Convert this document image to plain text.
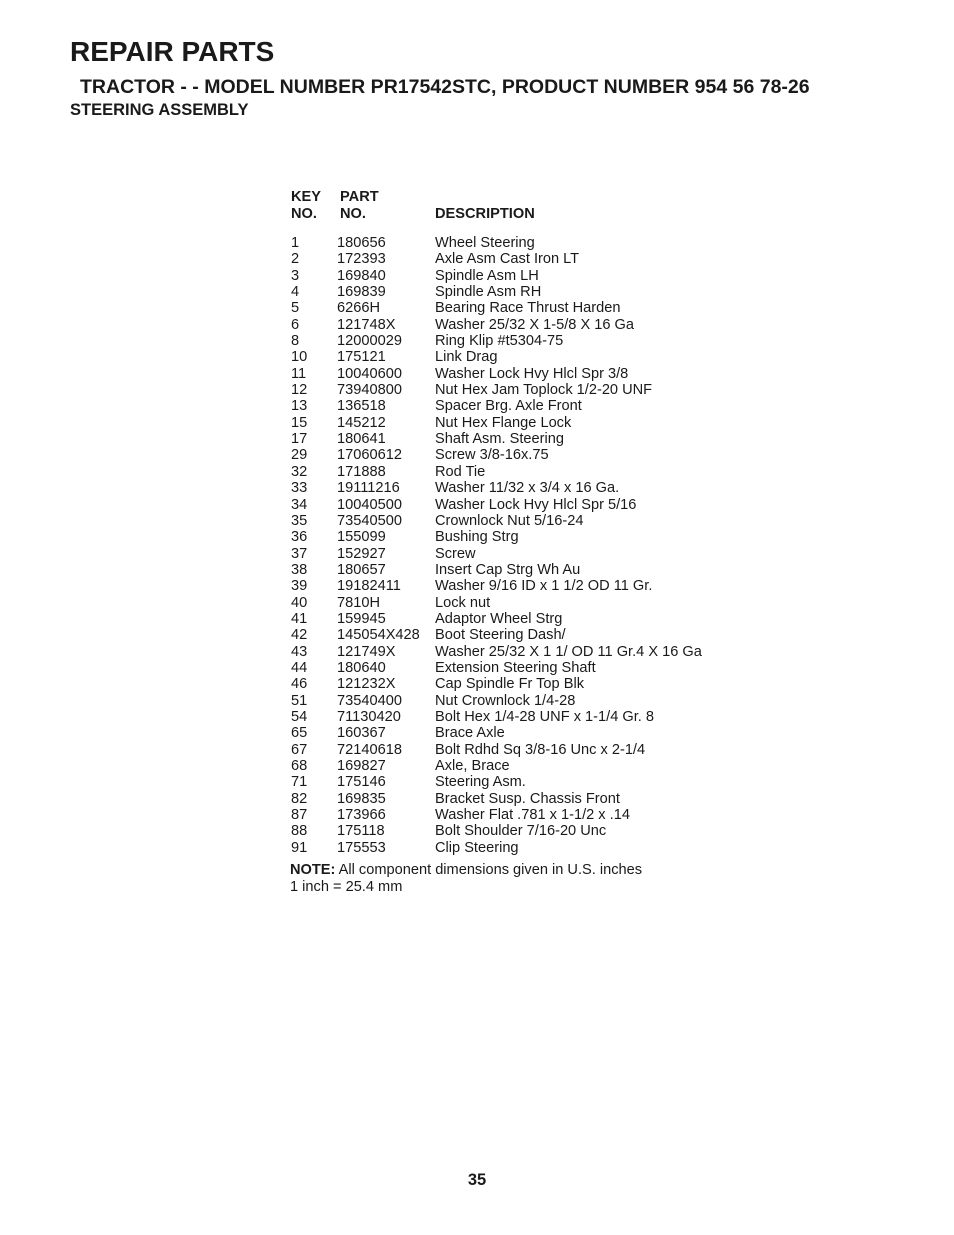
REPAIR PARTS
TRACTOR - - MODEL NUMBER PR17542STC, PRODUCT NUMBER 954 56 78-26
STEERING ASSEMBLY
KEY
NO.
PART
NO.	DESCRIPTION
1	180656	Wheel Steering
2	172393	Axle Asm Cast Iron LT
3	169840	Spindle Asm LH
4	169839	Spindle Asm RH
5	6266H	Bearing Race Thrust Harden
6	121748X	Washer 25/32 X 1-5/8 X 16 Ga
8	12000029 Ring Klip #t5304-75
10 175121	Link Drag
11 10040600 Washer Lock Hvy Hlcl Spr 3/8
12 73940800 Nut Hex Jam Toplock 1/2-20 UNF
13 136518	Spacer Brg. Axle Front
15 145212	Nut Hex Flange Lock
17 180641	Shaft Asm. Steering
29 17060612 Screw 3/8-16x.75
32 171888	Rod Tie
33 19111216 Washer 11/32 x 3/4 x 16 Ga.
34 10040500 Washer Lock Hvy Hlcl Spr 5/16
35 73540500 Crownlock Nut 5/16-24
36 155099	Bushing Strg
37 152927	Screw
38 180657	Insert Cap Strg Wh Au
39 19182411 Washer 9/16 ID x 1 1/2 OD 11 Gr.
40 7810H	Lock nut
41 159945	Adaptor Wheel Strg
42 145054X428 Boot Steering Dash/
43 121749X	Washer 25/32 X 1 1/ OD 11 Gr.4 X 16 Ga
44 180640	Extension Steering Shaft
46 121232X	Cap Spindle Fr Top Blk
51 73540400 Nut Crownlock 1/4-28
54 71130420 Bolt Hex 1/4-28 UNF x 1-1/4 Gr. 8
65 160367	Brace Axle
67 72140618 Bolt Rdhd Sq 3/8-16 Unc x 2-1/4
68 169827	Axle, Brace
71 175146	Steering Asm.
82 169835	Bracket Susp. Chassis Front
87 173966	Washer Flat .781 x 1-1/2 x .14
88 175118	Bolt Shoulder 7/16-20 Unc
91 175553	Clip Steering
NOTE: All component dimensions given in U.S. inches
1 inch = 25.4 mm
35
